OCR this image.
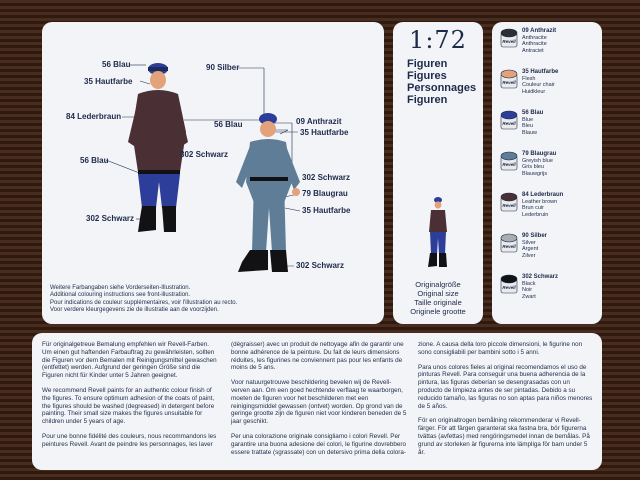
56 Blau
35 Hautfarbe
90 Silber
84 Lederbraun
56 Blau
302 Schwarz
302 Schwarz
56 Blau	09 Anthrazit
35 Hautfarbe
302 Schwarz
79 Blaugrau
35 Hautfarbe
302 Schwarz
Weitere Farbangaben siehe Vorderseiten-Illustration.
Additional colouring instructions see front-illustration.
Pour indications de couleur supplémentaires, voir l'illustration au recto.
Voor verdere kleurgegevens zie de illustratie aan de voorzijden.
1:72
Figuren
Figures
Personnages
Figuren
Originalgröße
Original size
Taille originale
Originele grootte
Revell
09 Anthrazit
Anthracite
Anthracite
Antraciet
Revell
35 Hautfarbe
Flesh
Couleur chair
Huidkleur
Revell
56 Blau
Blue
Bleu
Blauw
Revell
79 Blaugrau
Greyish blue
Gris bleu
Blauwgrijs
Revell
84 Lederbraun
Leather brown
Brun cuir
Lederbruin
Revell
90 Silber
Silver
Argent
Zilver
Revell
302 Schwarz
Black
Noir
Zwart

Für originalgetreue Bemalung empfehlen wir Revell-Farben. Um einen gut haftenden Farbauftrag zu gewährleisten, sollten die Figuren vor dem Bemalen mit Reinigungsmittel gewaschen (entfettet) werden. Aufgrund der geringen Größe sind die Figuren nicht für Kinder unter 5 Jahren geeignet.

We recommend Revell paints for an authentic colour finish of the figures. To ensure optimum adhesion of the coats of paint, the figures should be washed (degreased) in detergent before painting. Their small size makes the figures unsuitable for children under 5 years of age.

Pour une bonne fidélité des couleurs, nous recommandons les peintures Revell. Avant de peindre les personnages, les laver

(dégraisser) avec un produit de nettoyage afin de garantir une bonne adhérence de la peinture. Du fait de leurs dimensions réduites, les figurines ne conviennent pas pour les enfants de moins de 5 ans.

Voor natuurgetrouwe beschildering bevelen wij de Revell-verven aan. Om een goed hechtende verflaag te waarborgen, moeten de figuren voor het beschilderen met een reinigingsmiddel gewassen (ontvet) worden. Op grond van de geringe grootte zijn de figuren niet voor kinderen beneden de 5 jaar geschikt.

Per una colorazione originale consigliamo i colori Revell. Per garantire una buona adesione dei colori, le figurine dovrebbero essere trattate (sgrassate) con un detersivo prima della colora-

zione. A causa della loro piccole dimensioni, le figurine non sono consigliabili per bambini sotto i 5 anni.

Para unos colores fieles al original recomendamos el uso de pinturas Revell. Para conseguir una buena adherencia de la pintura, las figuras deberían se desengrasadas con un producto de limpieza antes de ser pintadas. Debido a su reducido tamaño, las figuras no son aptas para niños menores de 5 años.

För en originaltrogen bemålning rekommenderar vi Revell-färger. För att färgen garanterat ska fastna bra, bör figurerna tvättas (avfettas) med rengöringsmedel innan de bemålas. På grund av storleken är figurerna inte lämpliga för barn under 5 år.
